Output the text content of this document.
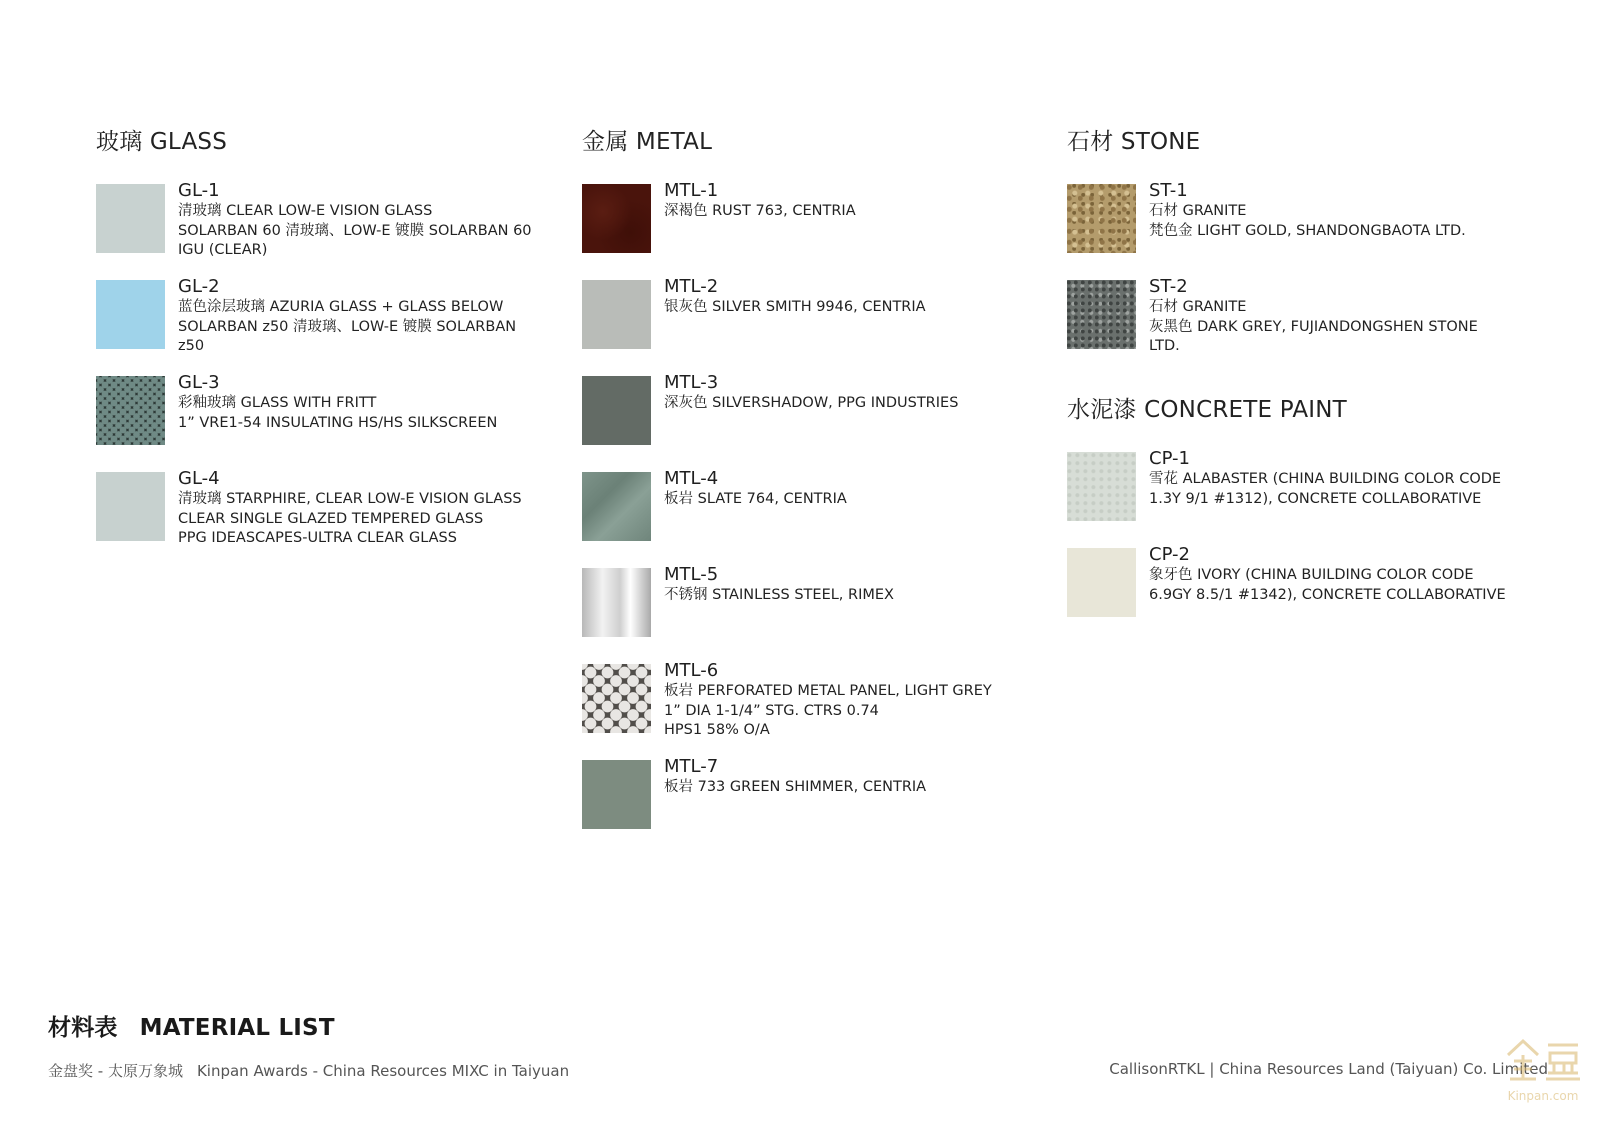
玻璃 GLASS
GL-1
清玻璃 CLEAR LOW-E VISION GLASS
SOLARBAN 60 清玻璃、LOW-E 镀膜 SOLARBAN 60
IGU (CLEAR)
GL-2
蓝色涂层玻璃 AZURIA GLASS + GLASS BELOW
SOLARBAN z50 清玻璃、LOW-E 镀膜 SOLARBAN
z50
GL-3
彩釉玻璃 GLASS WITH FRITT
1” VRE1-54 INSULATING HS/HS SILKSCREEN
GL-4
清玻璃 STARPHIRE, CLEAR LOW-E VISION GLASS
CLEAR SINGLE GLAZED TEMPERED GLASS
PPG IDEASCAPES-ULTRA CLEAR GLASS
金属 METAL
MTL-1
深褐色 RUST 763, CENTRIA
MTL-2
银灰色 SILVER SMITH 9946, CENTRIA
MTL-3
深灰色 SILVERSHADOW, PPG INDUSTRIES
MTL-4
板岩 SLATE 764, CENTRIA
MTL-5
不锈钢 STAINLESS STEEL, RIMEX
MTL-6
板岩 PERFORATED METAL PANEL, LIGHT GREY
1” DIA 1-1/4” STG. CTRS 0.74
HPS1 58% O/A
MTL-7
板岩 733 GREEN SHIMMER, CENTRIA
石材 STONE
ST-1
石材 GRANITE
梵色金 LIGHT GOLD, SHANDONGBAOTA LTD.
ST-2
石材 GRANITE
灰黑色 DARK GREY, FUJIANDONGSHEN STONE
LTD.
水泥漆 CONCRETE PAINT
CP-1
雪花 ALABASTER (CHINA BUILDING COLOR CODE
1.3Y 9/1 #1312), CONCRETE COLLABORATIVE
CP-2
象牙色 IVORY (CHINA BUILDING COLOR CODE
6.9GY 8.5/1 #1342), CONCRETE COLLABORATIVE
材料表 MATERIAL LIST
金盘奖 - 太原万象城 Kinpan Awards - China Resources MIXC in Taiyuan	CallisonRTKL | China Resources Land (Taiyuan) Co. Limited
Kinpan.com
